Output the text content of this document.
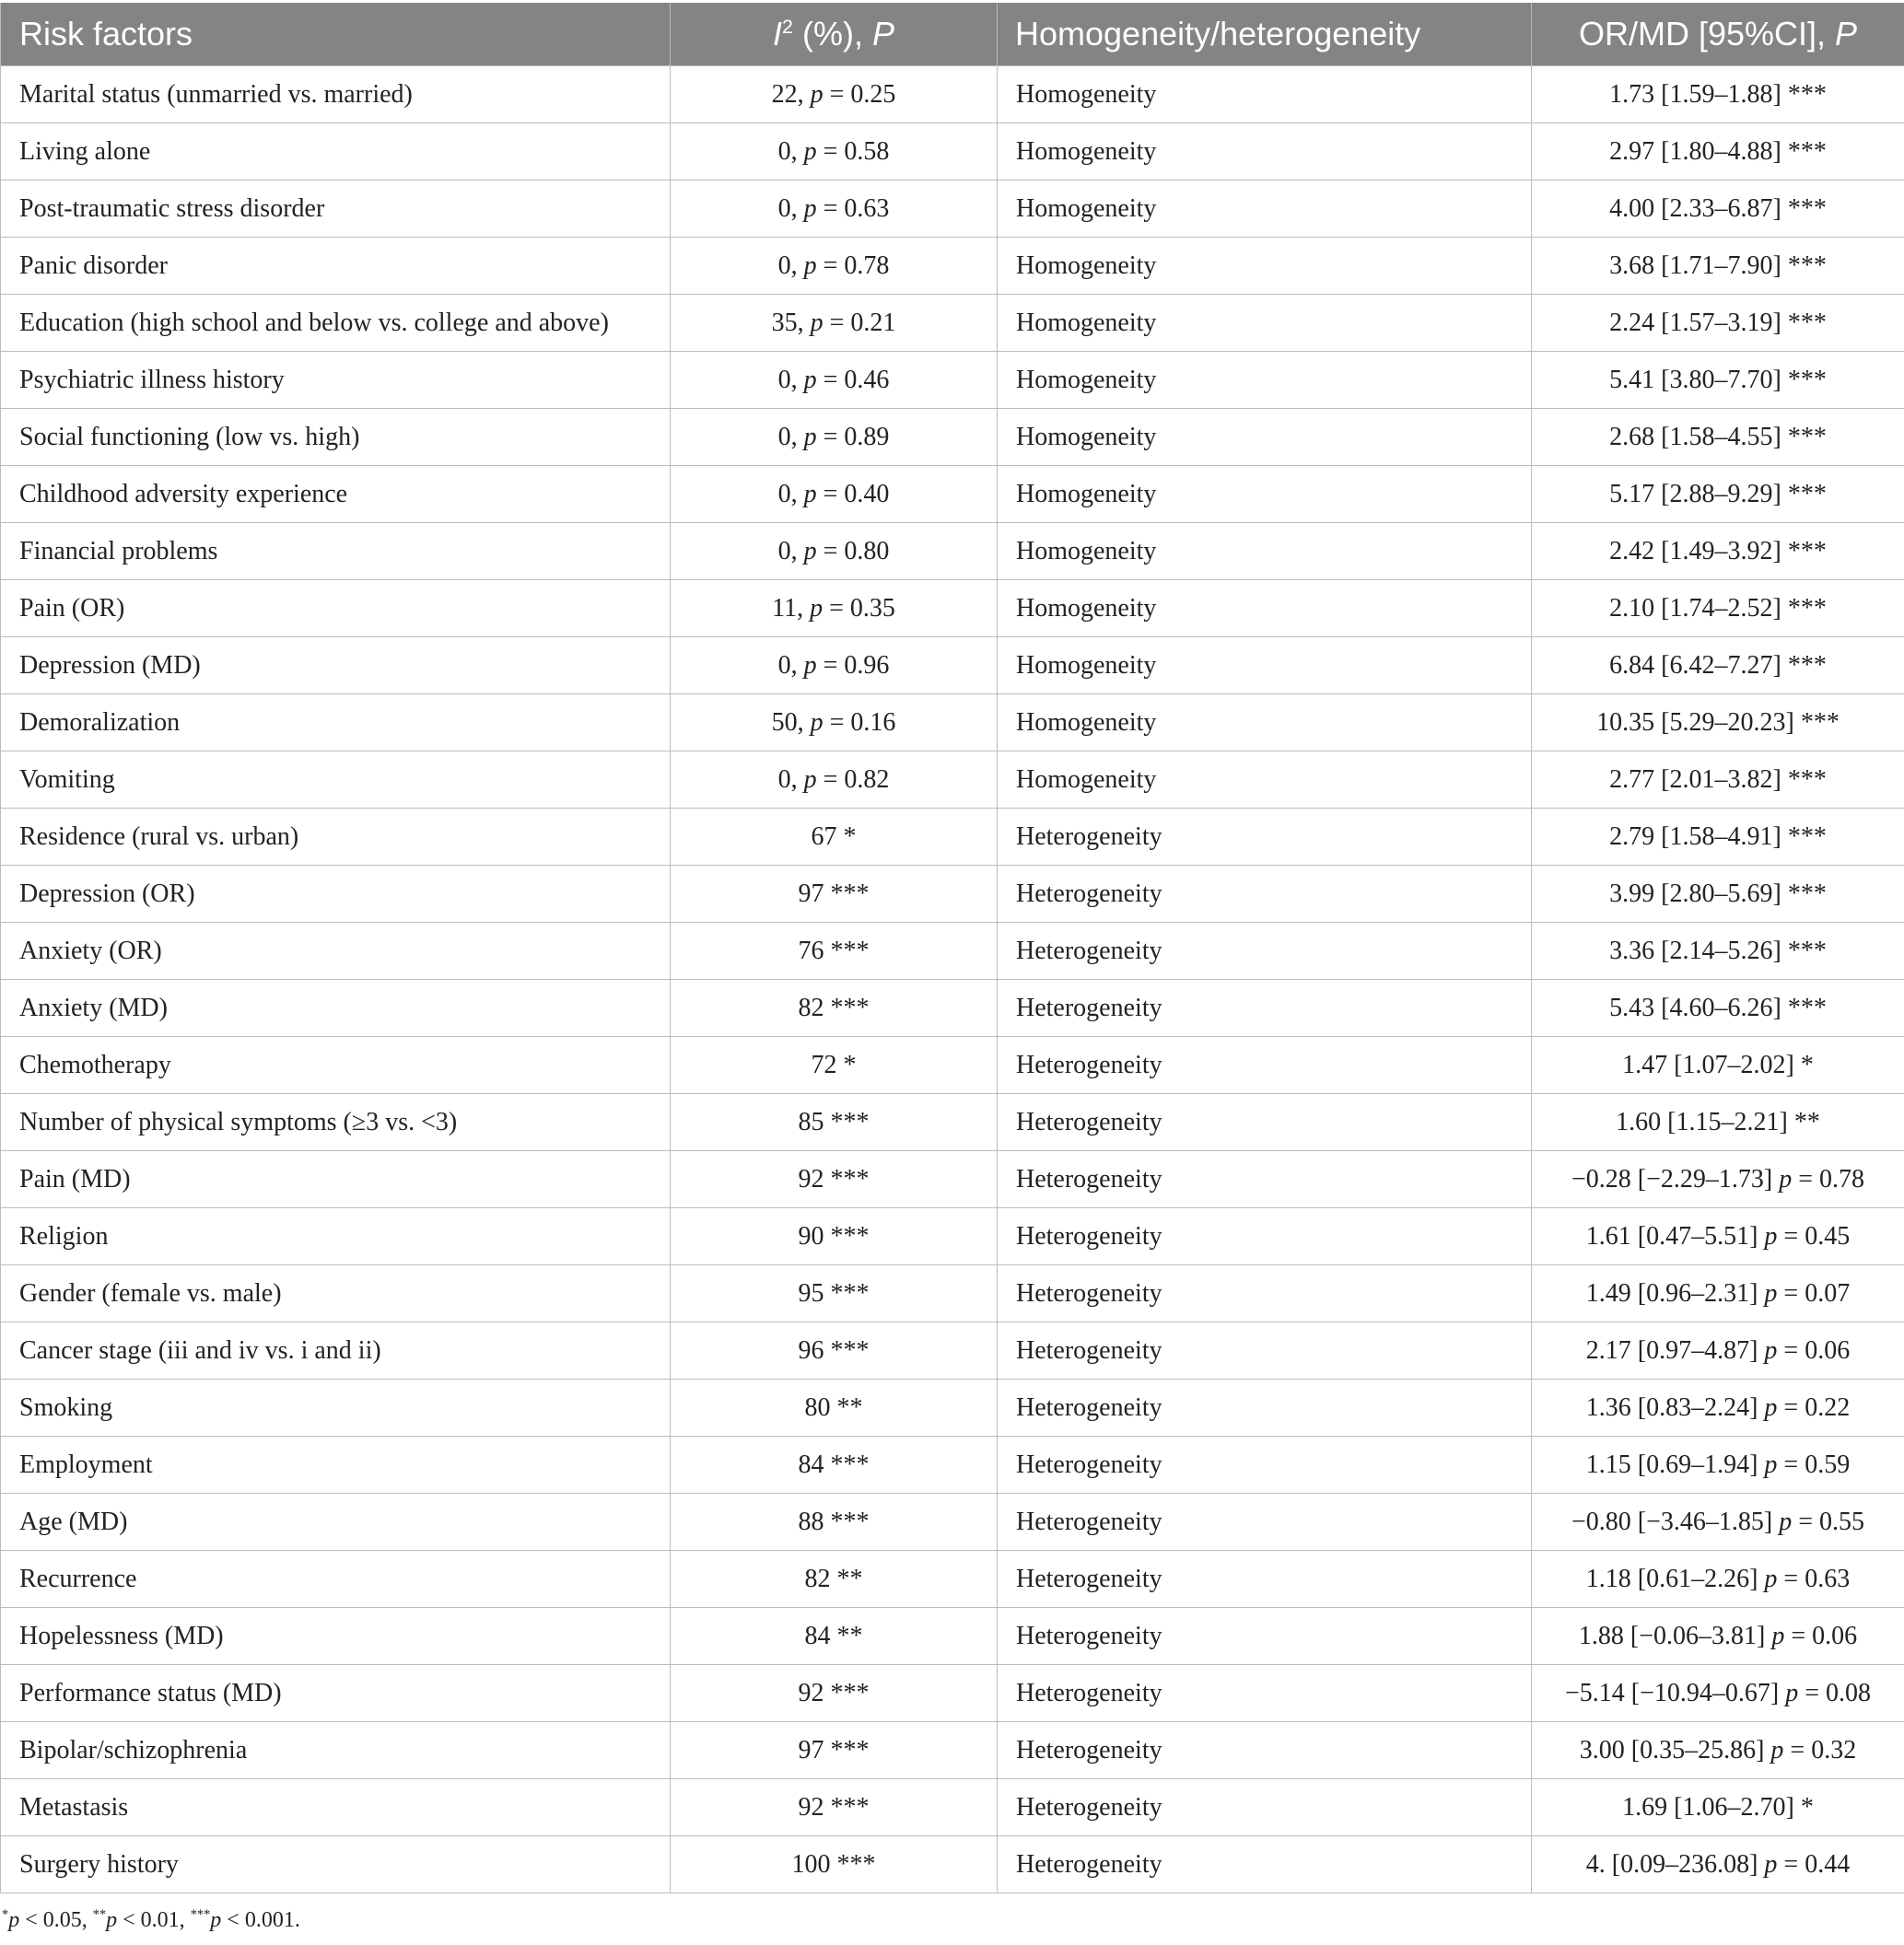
Risk factors	$I^2$ (%), P	Homogeneity/heterogeneity	OR/MD [95%CI], P
Marital status (unmarried vs. married)	22, p = 0.25	Homogeneity	1.73 [1.59–1.88] ***
Living alone	0, p = 0.58	Homogeneity	2.97 [1.80–4.88] ***
Post-traumatic stress disorder	0, p = 0.63	Homogeneity	4.00 [2.33–6.87] ***
Panic disorder	0, p = 0.78	Homogeneity	3.68 [1.71–7.90] ***
Education (high school and below vs. college and above)	35, p = 0.21	Homogeneity	2.24 [1.57–3.19] ***
Psychiatric illness history	0, p = 0.46	Homogeneity	5.41 [3.80–7.70] ***
Social functioning (low vs. high)	0, p = 0.89	Homogeneity	2.68 [1.58–4.55] ***
Childhood adversity experience	0, p = 0.40	Homogeneity	5.17 [2.88–9.29] ***
Financial problems	0, p = 0.80	Homogeneity	2.42 [1.49–3.92] ***
Pain (OR)	11, p = 0.35	Homogeneity	2.10 [1.74–2.52] ***
Depression (MD)	0, p = 0.96	Homogeneity	6.84 [6.42–7.27] ***
Demoralization	50, p = 0.16	Homogeneity	10.35 [5.29–20.23] ***
Vomiting	0, p = 0.82	Homogeneity	2.77 [2.01–3.82] ***
Residence (rural vs. urban)	67 *	Heterogeneity	2.79 [1.58–4.91] ***
Depression (OR)	97 ***	Heterogeneity	3.99 [2.80–5.69] ***
Anxiety (OR)	76 ***	Heterogeneity	3.36 [2.14–5.26] ***
Anxiety (MD)	82 ***	Heterogeneity	5.43 [4.60–6.26] ***
Chemotherapy	72 *	Heterogeneity	1.47 [1.07–2.02] *
Number of physical symptoms (≥3 vs. <3)	85 ***	Heterogeneity	1.60 [1.15–2.21] **
Pain (MD)	92 ***	Heterogeneity	−0.28 [−2.29–1.73] p = 0.78
Religion	90 ***	Heterogeneity	1.61 [0.47–5.51] p = 0.45
Gender (female vs. male)	95 ***	Heterogeneity	1.49 [0.96–2.31] p = 0.07
Cancer stage (iii and iv vs. i and ii)	96 ***	Heterogeneity	2.17 [0.97–4.87] p = 0.06
Smoking	80 **	Heterogeneity	1.36 [0.83–2.24] p = 0.22
Employment	84 ***	Heterogeneity	1.15 [0.69–1.94] p = 0.59
Age (MD)	88 ***	Heterogeneity	−0.80 [−3.46–1.85] p = 0.55
Recurrence	82 **	Heterogeneity	1.18 [0.61–2.26] p = 0.63
Hopelessness (MD)	84 **	Heterogeneity	1.88 [−0.06–3.81] p = 0.06
Performance status (MD)	92 ***	Heterogeneity	−5.14 [−10.94–0.67] p = 0.08
Bipolar/schizophrenia	97 ***	Heterogeneity	3.00 [0.35–25.86] p = 0.32
Metastasis	92 ***	Heterogeneity	1.69 [1.06–2.70] *
Surgery history	100 ***	Heterogeneity	4. [0.09–236.08] p = 0.44
*p < 0.05, **p < 0.01, ***p < 0.001.
